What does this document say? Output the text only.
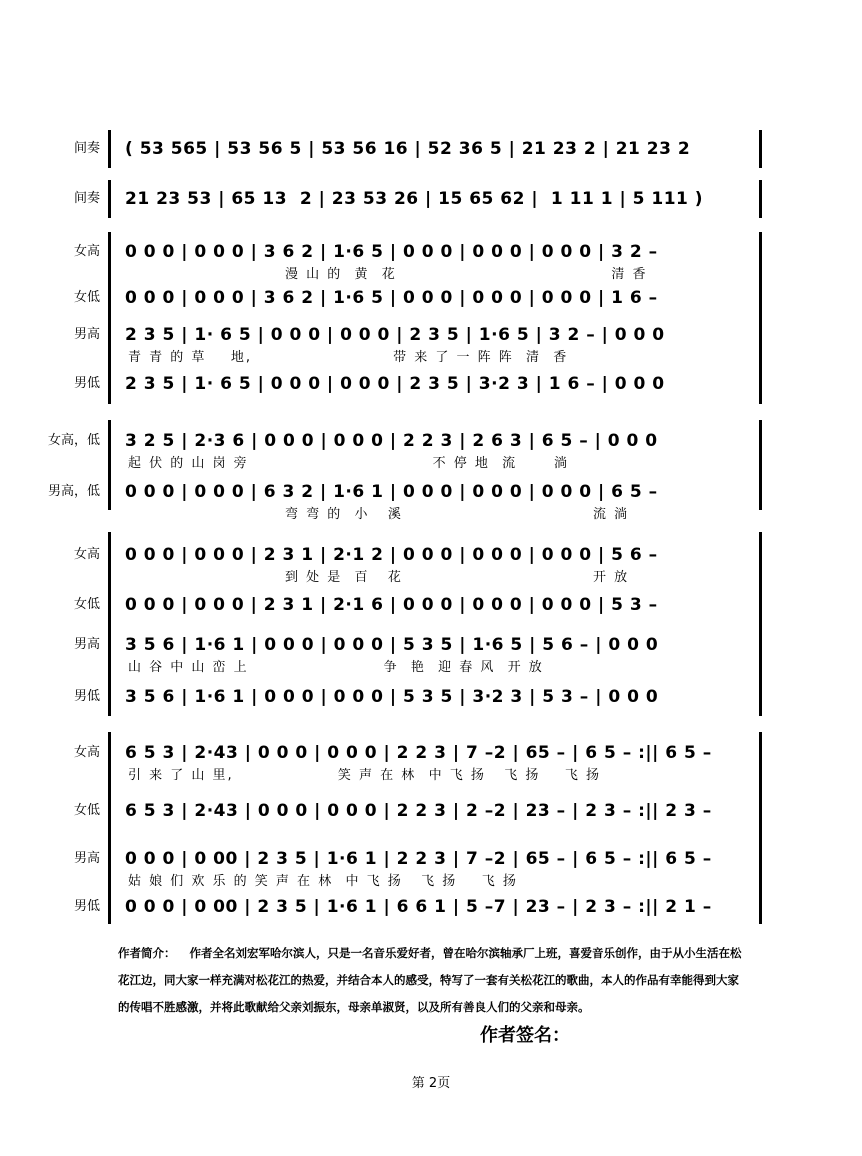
间奏 ( 53 565 | 53 56 5 | 53 56 16 | 52 36 5 | 21 23 2 | 21 23 2
间奏 21 23 53 | 65 13  2 | 23 53 26 | 15 65 62 |  1 11 1 | 5 111 )
女高 0 0 0 | 0 0 0 | 3 6 2 | 1·6 5 | 0 0 0 | 0 0 0 | 0 0 0 | 3 2 –
漫 山 的  黄  花                                   清 香
女低 0 0 0 | 0 0 0 | 3 6 2 | 1·6 5 | 0 0 0 | 0 0 0 | 0 0 0 | 1 6 –
男高 2 3 5 | 1· 6 5 | 0 0 0 | 0 0 0 | 2 3 5 | 1·6 5 | 3 2 – | 0 0 0
青 青 的 草    地,                       带 来 了 一 阵 阵  清  香
男低 2 3 5 | 1· 6 5 | 0 0 0 | 0 0 0 | 2 3 5 | 3·2 3 | 1 6 – | 0 0 0
女高，低 3 2 5 | 2·3 6 | 0 0 0 | 0 0 0 | 2 2 3 | 2 6 3 | 6 5 – | 0 0 0
起 伏 的 山 岗 旁                              不 停 地  流      淌
男高，低 0 0 0 | 0 0 0 | 6 3 2 | 1·6 1 | 0 0 0 | 0 0 0 | 0 0 0 | 6 5 –
弯 弯 的  小   溪                               流 淌
女高 0 0 0 | 0 0 0 | 2 3 1 | 2·1 2 | 0 0 0 | 0 0 0 | 0 0 0 | 5 6 –
到 处 是  百   花                               开 放
女低 0 0 0 | 0 0 0 | 2 3 1 | 2·1 6 | 0 0 0 | 0 0 0 | 0 0 0 | 5 3 –
男高 3 5 6 | 1·6 1 | 0 0 0 | 0 0 0 | 5 3 5 | 1·6 5 | 5 6 – | 0 0 0
山 谷 中 山 峦 上                      争  艳  迎 春 风  开 放
男低 3 5 6 | 1·6 1 | 0 0 0 | 0 0 0 | 5 3 5 | 3·2 3 | 5 3 – | 0 0 0
女高 6 5 3 | 2·43 | 0 0 0 | 0 0 0 | 2 2 3 | 7 –2 | 65 – | 6 5 – :|| 6 5 –
引 来 了 山 里,                 笑 声 在 林  中 飞 扬   飞 扬    飞 扬
女低 6 5 3 | 2·43 | 0 0 0 | 0 0 0 | 2 2 3 | 2 –2 | 23 – | 2 3 – :|| 2 3 –
男高 0 0 0 | 0 00 | 2 3 5 | 1·6 1 | 2 2 3 | 7 –2 | 65 – | 6 5 – :|| 6 5 –
姑 娘 们 欢 乐 的 笑 声 在 林  中 飞 扬   飞 扬    飞 扬
男低 0 0 0 | 0 00 | 2 3 5 | 1·6 1 | 6 6 1 | 5 –7 | 23 – | 2 3 – :|| 2 1 –
作者简介： 作者全名刘宏军哈尔滨人，只是一名音乐爱好者，曾在哈尔滨轴承厂上班，喜爱音乐创作，由于从小生活在松花江边，同大家一样充满对松花江的热爱，并结合本人的感受，特写了一套有关松花江的歌曲，本人的作品有幸能得到大家的传唱不胜感激，并将此歌献给父亲刘振东，母亲单淑贤，以及所有善良人们的父亲和母亲。
作者签名：
第 2页
